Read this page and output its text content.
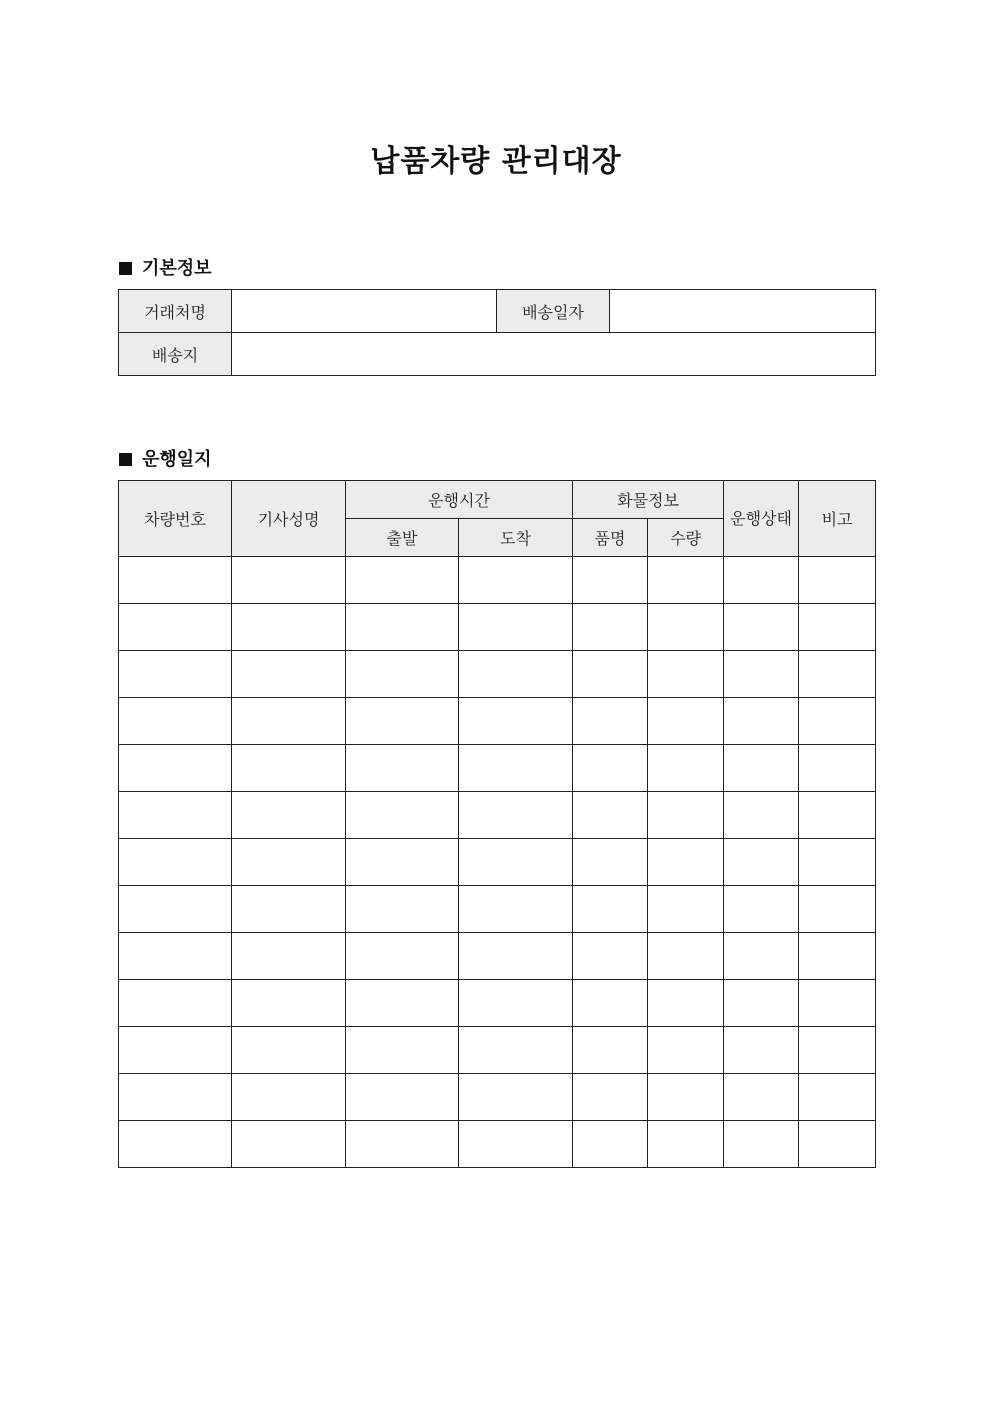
납품차량 관리대장
기본정보
거래처명		배송일자	
배송지			
운행일지
차량번호	기사성명	운행시간		화물정보		운행상태	비고
		출발	도착	품명	수량		
